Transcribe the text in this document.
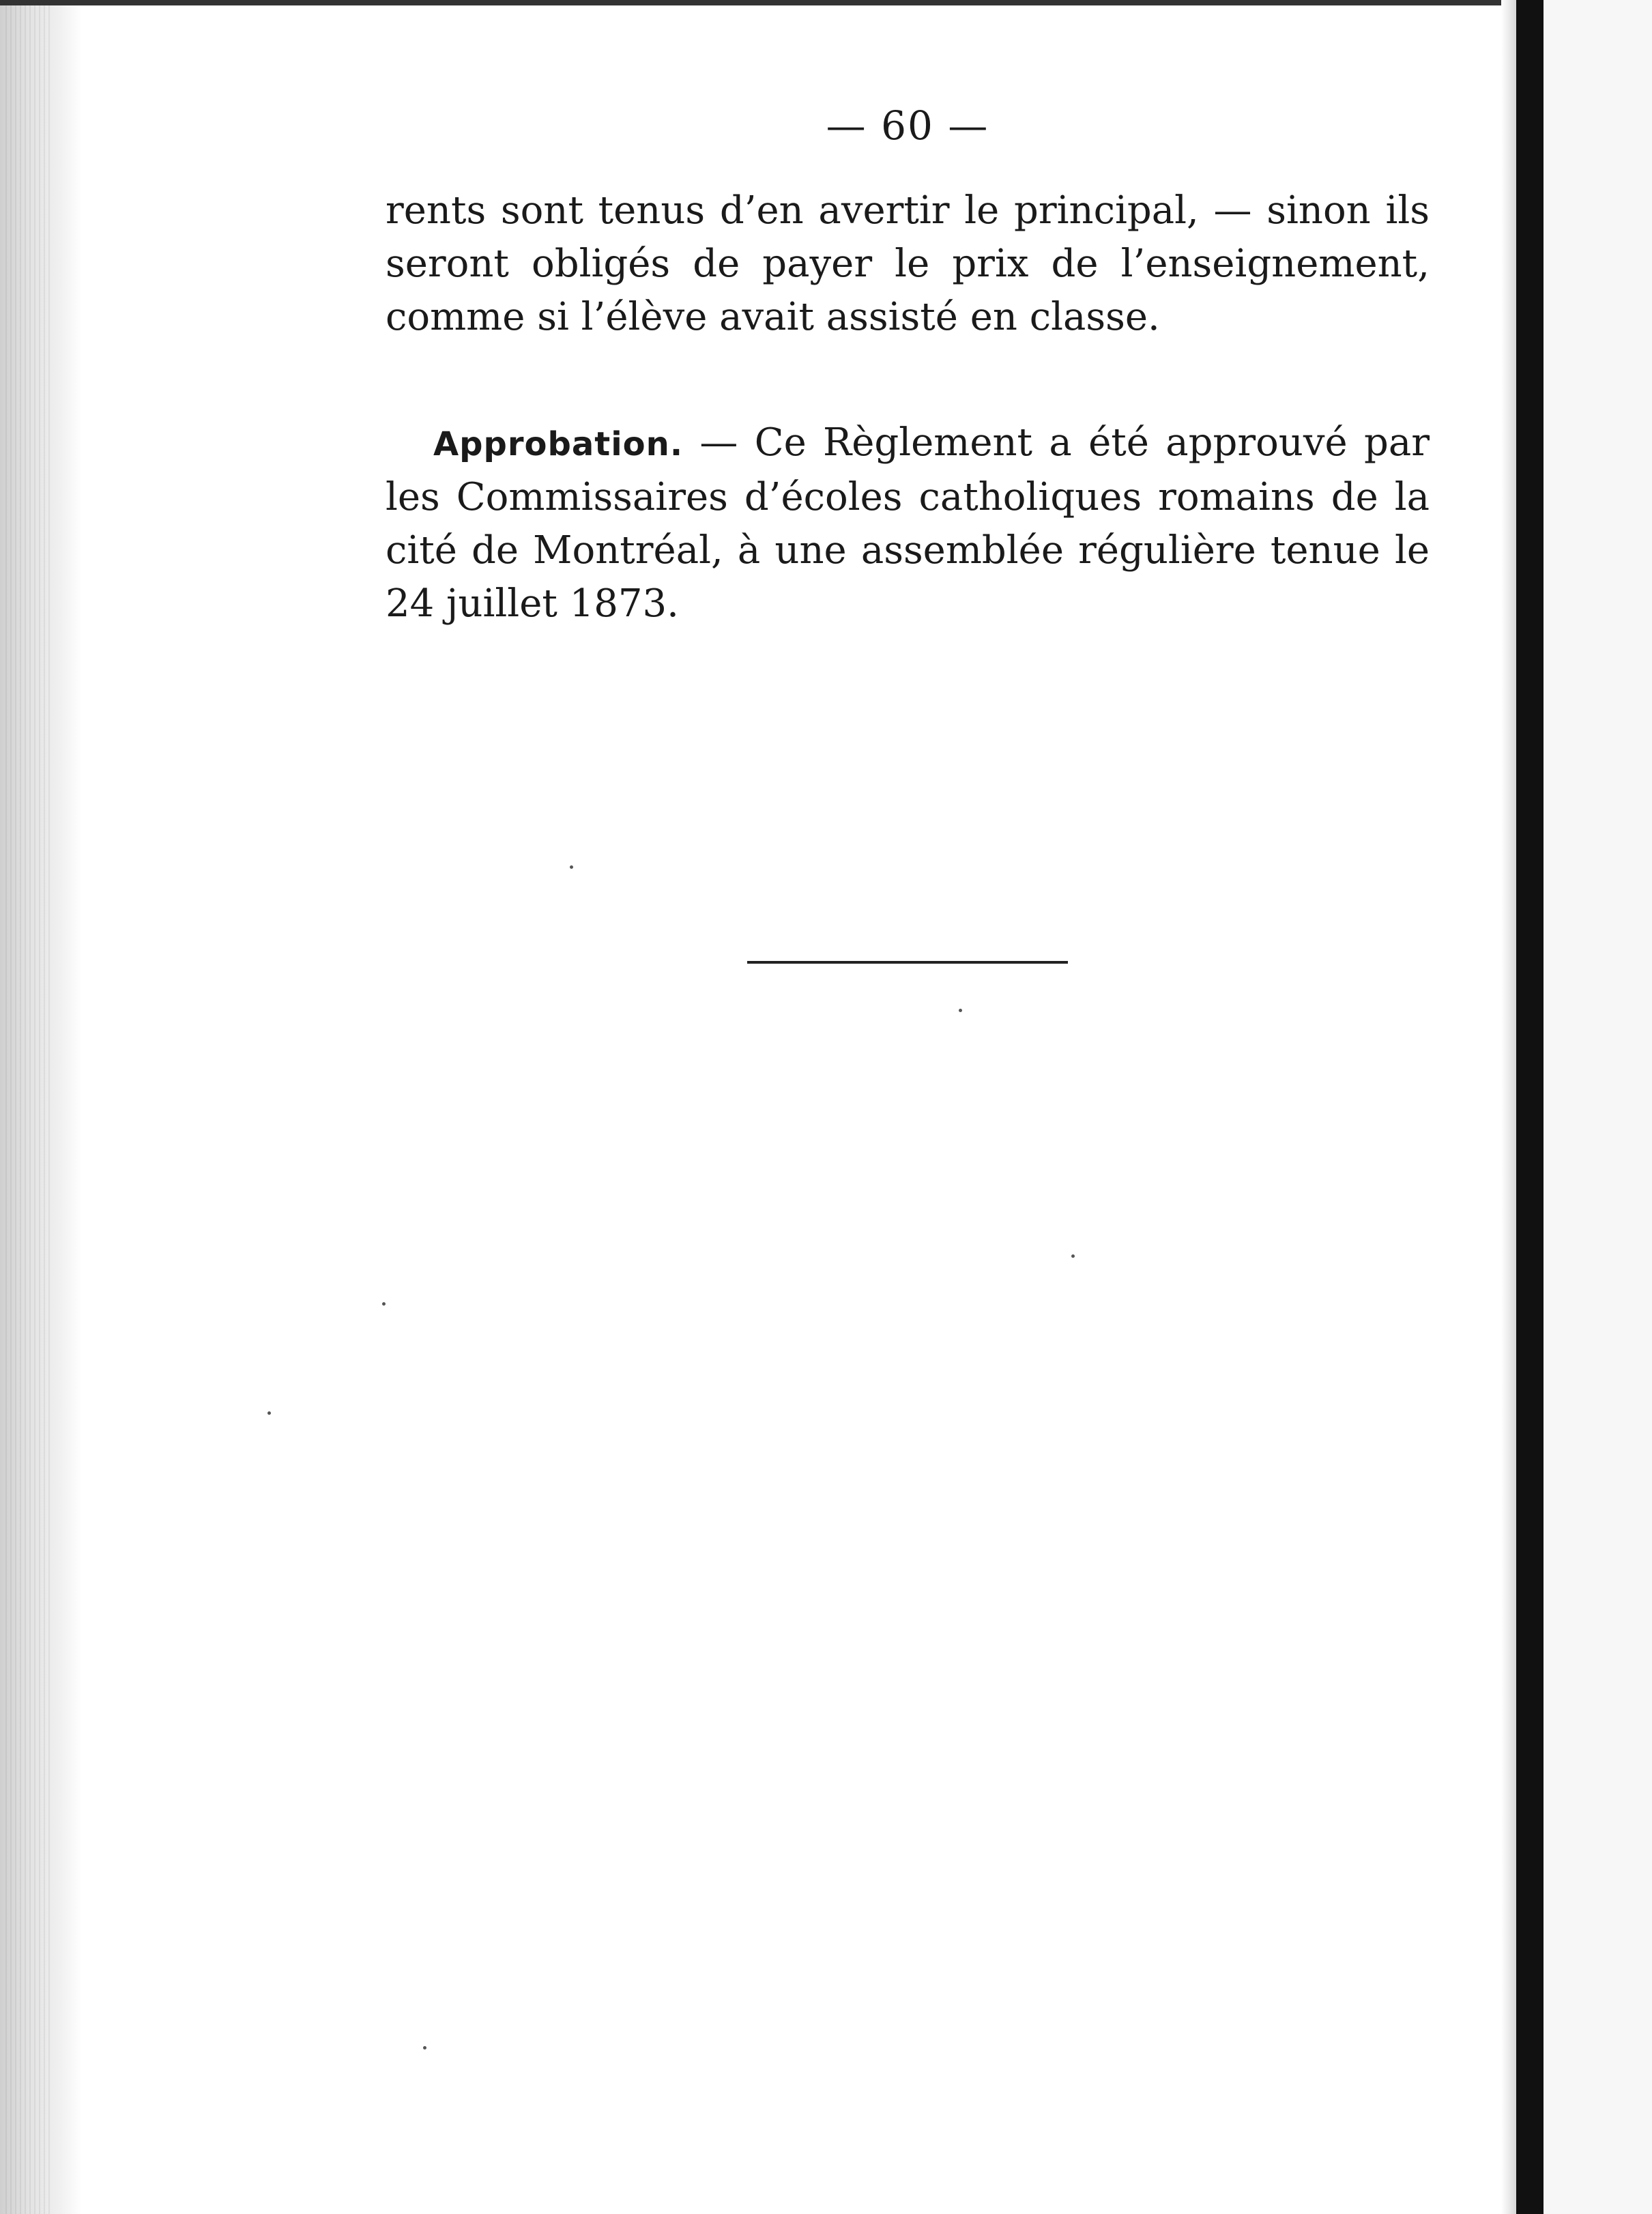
— 60 —
rents sont tenus d’en avertir le principal, — sinon ils
seront obligés de payer le prix de l’enseignement,
comme si l’élève avait assisté en classe.
Approbation. — Ce Règlement a été approuvé par
les Commissaires d’écoles catholiques romains de la
cité de Montréal, à une assemblée régulière tenue le
24 juillet 1873.
